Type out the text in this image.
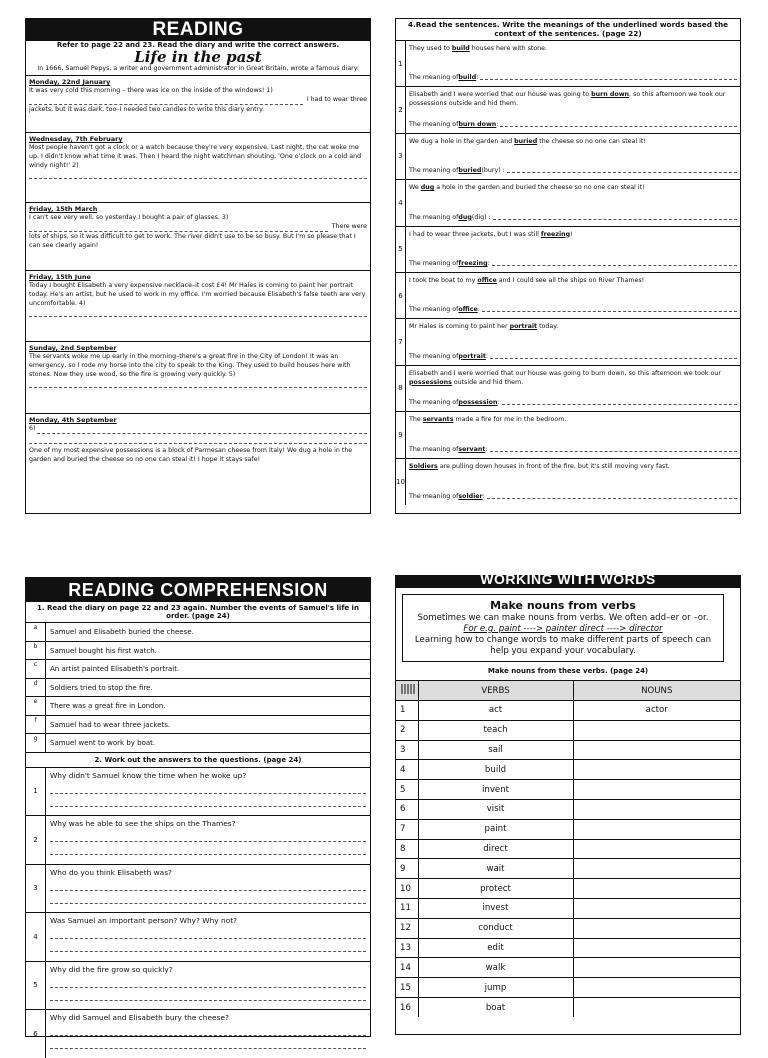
READING
Refer to page 22 and 23. Read the diary and write the correct answers.
Life in the past
In 1666, Samuel Pepys, a writer and government administrator in Great Britain, wrote a famous diary.
Monday, 22nd January
It was very cold this morning – there was ice on the inside of the windows! 1)
I had to wear three
jackets, but it was dark, too–I needed two candles to write this diary entry.
Wednesday, 7th February
Most people haven't got a clock or a watch because they're very expensive. Last night, the cat woke me up. I didn't know what time it was. Then I heard the night watchman shouting, 'One o'clock on a cold and windy night!' 2)
Friday, 15th March
I can't see very well, so yesterday I bought a pair of glasses. 3)
There were
lots of ships, so it was difficult to get to work. The river didn't use to be so busy. But I'm so please that I can see clearly again!
Friday, 15th June
Today I bought Elisabeth a very expensive necklace–it cost £4! Mr Hales is coming to paint her portrait today. He's an artist, but he used to work in my office. I'm worried because Elisabeth's false teeth are very uncomfortable. 4)
Sunday, 2nd September
The servants woke me up early in the morning–there's a great fire in the City of London! It was an emergency, so I rode my horse into the city to speak to the King. They used to build houses here with stones. Now they use wood, so the fire is growing very quickly. 5)
Monday, 4th September
6)
One of my most expensive possessions is a block of Parmesan cheese from Italy! We dug a hole in the garden and buried the cheese so no one can steal it! I hope it stays safe!
4.Read the sentences. Write the meanings of the underlined words based the context of the sentences. (page 22)
1
They used to build houses here with stone.
The meaning of build :
2
Elisabeth and I were worried that our house was going to burn down, so this afternoon we took our possessions outside and hid them.
The meaning of burn down :
3
We dug a hole in the garden and buried the cheese so no one can steal it!
The meaning of buried (bury) :
4
We dug a hole in the garden and buried the cheese so no one can steal it!
The meaning of dug (dig) :
5
I had to wear three jackets, but I was still freezing!
The meaning of freezing :
6
I took the boat to my office and I could see all the ships on River Thames!
The meaning of office :
7
Mr Hales is coming to paint her portrait today.
The meaning of portrait :
8
Elisabeth and I were worried that our house was going to burn down, so this afternoon we took our possessions outside and hid them.
The meaning of possession :
9
The servants made a fire for me in the bedroom.
The meaning of servant :
10
Soldiers are pulling down houses in front of the fire, but it's still moving very fast.
The meaning of soldier :
READING COMPREHENSION
1. Read the diary on page 22 and 23 again. Number the events of Samuel's life in order. (page 24)
a
Samuel and Elisabeth buried the cheese.
b
Samuel bought his first watch.
c
An artist painted Elisabeth's portrait.
d
Soldiers tried to stop the fire.
e
There was a great fire in London.
f
Samuel had to wear three jackets.
g
Samuel went to work by boat.
2. Work out the answers to the questions. (page 24)
1
Why didn't Samuel know the time when he woke up?
2
Why was he able to see the ships on the Thames?
3
Who do you think Elisabeth was?
4
Was Samuel an important person? Why? Why not?
5
Why did the fire grow so quickly?
6
Why did Samuel and Elisabeth bury the cheese?
WORKING WITH WORDS
Make nouns from verbs
Sometimes we can make nouns from verbs. We often add–er or –or.
For e.g. paint ----> painter direct ----> director
Learning how to change words to make different parts of speech can help you expand your vocabulary.
Make nouns from these verbs. (page 24)
	VERBS	NOUNS
1	act	actor
2	teach	
3	sail	
4	build	
5	invent	
6	visit	
7	paint	
8	direct	
9	wait	
10	protect	
11	invest	
12	conduct	
13	edit	
14	walk	
15	jump	
16	boat	
